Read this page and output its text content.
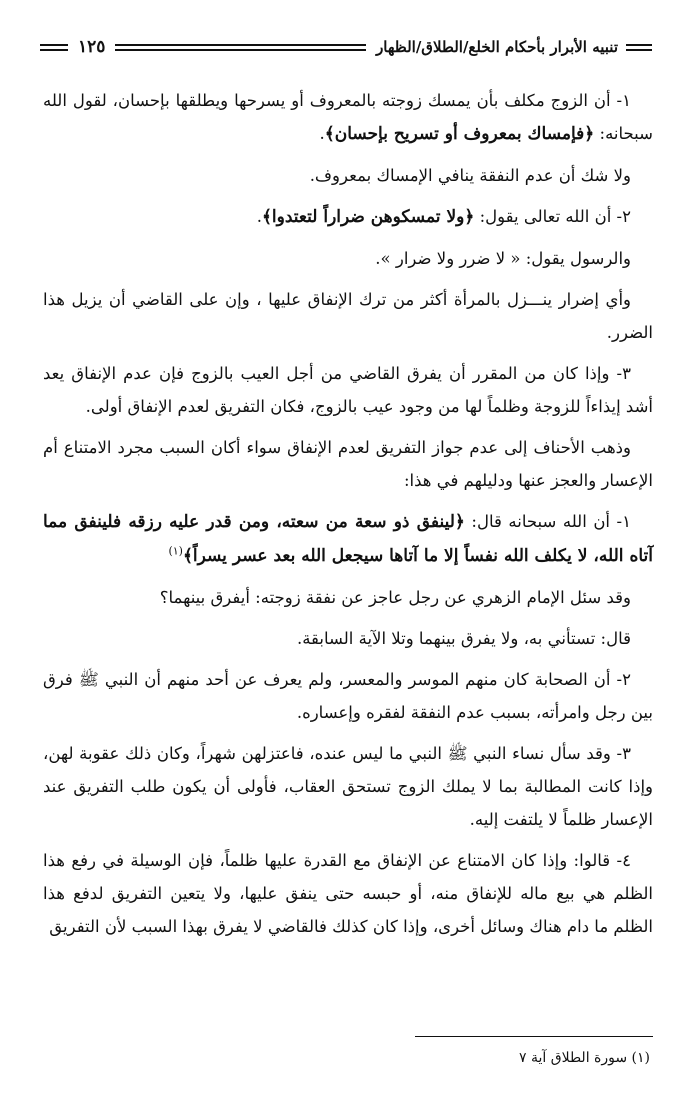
تنبيه الأبرار بأحكام الخلع/الطلاق/الظهار
١٢٥

١- أن الزوج مكلف بأن يمسك زوجته بالمعروف أو يسرحها ويطلقها بإحسان، لقول الله سبحانه: ﴿فإمساك بمعروف أو تسريح بإحسان﴾.

ولا شك أن عدم النفقة ينافي الإمساك بمعروف.

٢- أن الله تعالى يقول: ﴿ولا تمسكوهن ضراراً لتعتدوا﴾.

والرسول يقول: « لا ضرر ولا ضرار ».

وأي إضرار ينـــزل بالمرأة أكثر من ترك الإنفاق عليها ، وإن على القاضي أن يزيل هذا الضرر.

٣- وإذا كان من المقرر أن يفرق القاضي من أجل العيب بالزوج فإن عدم الإنفاق يعد أشد إيذاءاً للزوجة وظلماً لها من وجود عيب بالزوج، فكان التفريق لعدم الإنفاق أولى.

وذهب الأحناف إلى عدم جواز التفريق لعدم الإنفاق سواء أكان السبب مجرد الامتناع أم الإعسار والعجز عنها ودليلهم في هذا:

١- أن الله سبحانه قال: ﴿لينفق ذو سعة من سعته، ومن قدر عليه رزقه فلينفق مما آتاه الله، لا يكلف الله نفساً إلا ما آتاها سيجعل الله بعد عسر يسراً﴾$^{(١)}$

وقد سئل الإمام الزهري عن رجل عاجز عن نفقة زوجته: أيفرق بينهما؟

قال: تستأني به، ولا يفرق بينهما وتلا الآية السابقة.

٢- أن الصحابة كان منهم الموسر والمعسر، ولم يعرف عن أحد منهم أن النبي ﷺ فرق بين رجل وامرأته، بسبب عدم النفقة لفقره وإعساره.

٣- وقد سأل نساء النبي ﷺ النبي ما ليس عنده، فاعتزلهن شهراً، وكان ذلك عقوبة لهن، وإذا كانت المطالبة بما لا يملك الزوج تستحق العقاب، فأولى أن يكون طلب التفريق عند الإعسار ظلماً لا يلتفت إليه.

٤- قالوا: وإذا كان الامتناع عن الإنفاق مع القدرة عليها ظلماً، فإن الوسيلة في رفع هذا الظلم هي بيع ماله للإنفاق منه، أو حبسه حتى ينفق عليها، ولا يتعين التفريق لدفع هذا الظلم ما دام هناك وسائل أخرى، وإذا كان كذلك فالقاضي لا يفرق بهذا السبب لأن التفريق

(١) سورة الطلاق آية ٧
